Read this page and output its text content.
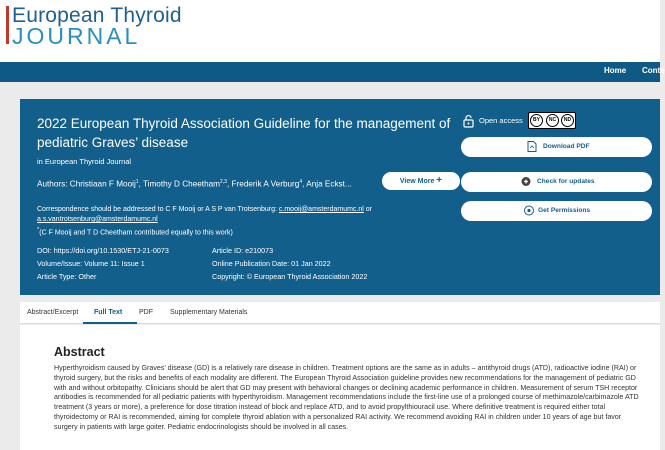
European Thyroid
JOURNAL
Home Conte
2022 European Thyroid Association Guideline for the management of pediatric Graves’ disease
in European Thyroid Journal
Authors: Christiaan F Mooij$^1$, Timothy D Cheetham$^{2,3}$, Frederik A Verburg$^4$, Anja Eckst...	View More +
Correspondence should be addressed to C F Mooij or A S P van Trotsenburg: c.mooij@amsterdamumc.nl or
a.s.vantrotsenburg@amsterdamumc.nl
*(C F Mooij and T D Cheetham contributed equally to this work)
DOI: https://doi.org/10.1530/ETJ-21-0073
Volume/Issue: Volume 11: Issue 1
Article Type: Other
Article ID: e210073
Online Publication Date: 01 Jan 2022
Copyright: © European Thyroid Association 2022
Open access	BY	NC	ND
Download PDF
Check for updates
Get Permissions
Abstract/Excerpt Full Text PDF Supplementary Materials
Abstract
Hyperthyroidism caused by Graves’ disease (GD) is a relatively rare disease in children. Treatment options are the same as in adults – antithyroid drugs (ATD), radioactive iodine (RAI) or thyroid surgery, but the risks and benefits of each modality are different. The European Thyroid Association guideline provides new recommendations for the management of pediatric GD with and without orbitopathy. Clinicians should be alert that GD may present with behavioral changes or declining academic performance in children. Measurement of serum TSH receptor antibodies is recommended for all pediatric patients with hyperthyroidism. Management recommendations include the first-line use of a prolonged course of methimazole/carbimazole ATD treatment (3 years or more), a preference for dose titration instead of block and replace ATD, and to avoid propylthiouracil use. Where definitive treatment is required either total thyroidectomy or RAI is recommended, aiming for complete thyroid ablation with a personalized RAI activity. We recommend avoiding RAI in children under 10 years of age but favor surgery in patients with large goiter. Pediatric endocrinologists should be involved in all cases.
